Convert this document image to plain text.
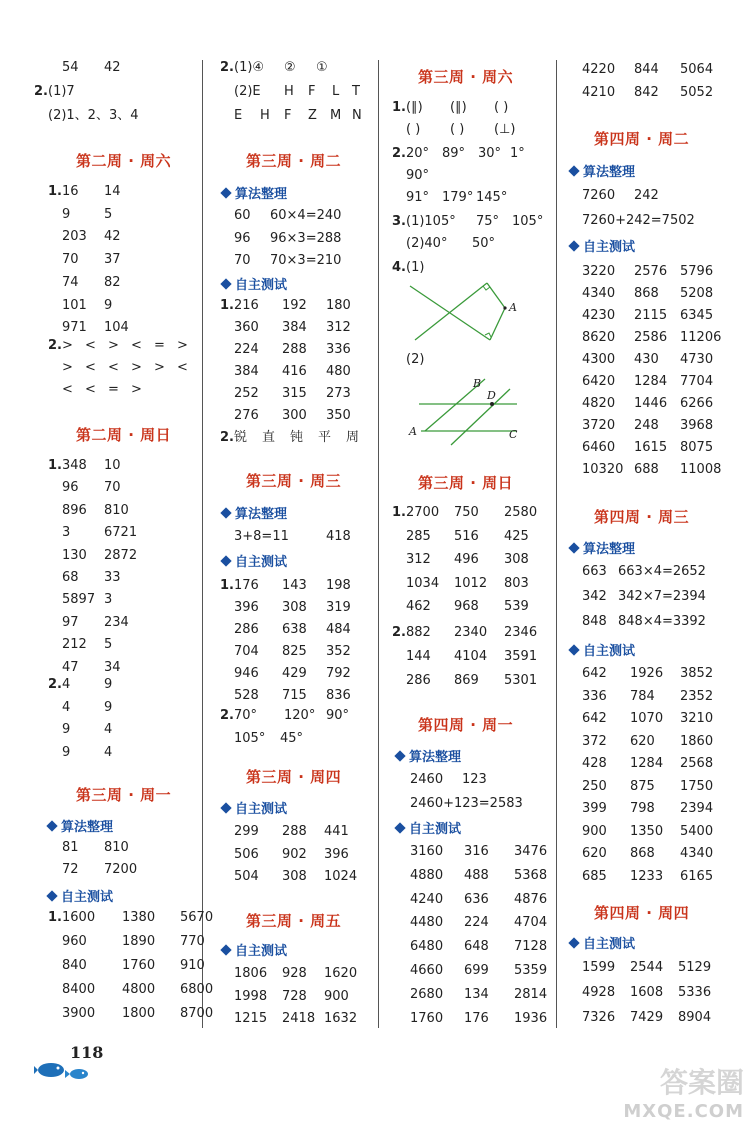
A
B
D
A	C
118
答案圈
MXQE.COM
54 42
2. (1)7
(2)1、2、3、4
第二周 · 周六
1. 16 14
9	5
203 42
70 37
74 82
101 9
971 104
2. > < > < = >
> < < > > <
< < = >
第二周 · 周日
1. 348 10
96 70
896 810
3	6721
130 2872
68 33
5897 3
97 234
212 5
47 34
2. 4	9
4	9
9	4
9	4
第三周 · 周一
算法整理
81 810
72 7200
自主测试
1. 1600 1380 5670
960	1890 770
840	1760 910
8400 4800 6800
3900 1800 8700
2. (1)④ ② ①
(2)E H F L T
E H F Z M N
第三周 · 周二
算法整理
60 60×4=240
96 96×3=288
70 70×3=210
自主测试
1. 216 192 180
360 384 312
224 288 336
384 416 480
252 315 273
276 300 350
2. 锐 直 钝 平 周
第三周 · 周三
算法整理
3+8=11	418
自主测试
1. 176 143 198
396 308 319
286 638 484
704 825 352
946 429 792
528 715 836
2. 70° 120° 90°
105° 45°
第三周 · 周四
自主测试
299 288 441
506 902 396
504 308 1024
第三周 · 周五
自主测试
1806 928 1620
1998 728 900
1215 2418 1632
第三周 · 周六
1. (∥) (∥) ( )
( ) ( ) (⊥)
2. 20° 89° 30° 1°
90°
91° 179° 145°
3. (1)105° 75° 105°
(2)40° 50°
4. (1)
(2)
第三周 · 周日
1. 2700 750 2580
285 516 425
312 496 308
1034 1012 803
462 968 539
2. 882 2340 2346
144 4104 3591
286 869 5301
第四周 · 周一
算法整理
2460 123
2460+123=2583
自主测试
3160 316 3476
4880 488 5368
4240 636 4876
4480 224 4704
6480 648 7128
4660 699 5359
2680 134 2814
1760 176 1936
4220 844 5064
4210 842 5052
第四周 · 周二
算法整理
7260 242
7260+242=7502
自主测试
3220 2576 5796
4340 868 5208
4230 2115 6345
8620 2586 11206
4300 430 4730
6420 1284 7704
4820 1446 6266
3720 248 3968
6460 1615 8075
10320 688 11008
第四周 · 周三
算法整理
663 663×4=2652
342 342×7=2394
848 848×4=3392
自主测试
642 1926 3852
336 784 2352
642 1070 3210
372 620 1860
428 1284 2568
250 875 1750
399 798 2394
900 1350 5400
620 868 4340
685 1233 6165
第四周 · 周四
自主测试
1599 2544 5129
4928 1608 5336
7326 7429 8904
